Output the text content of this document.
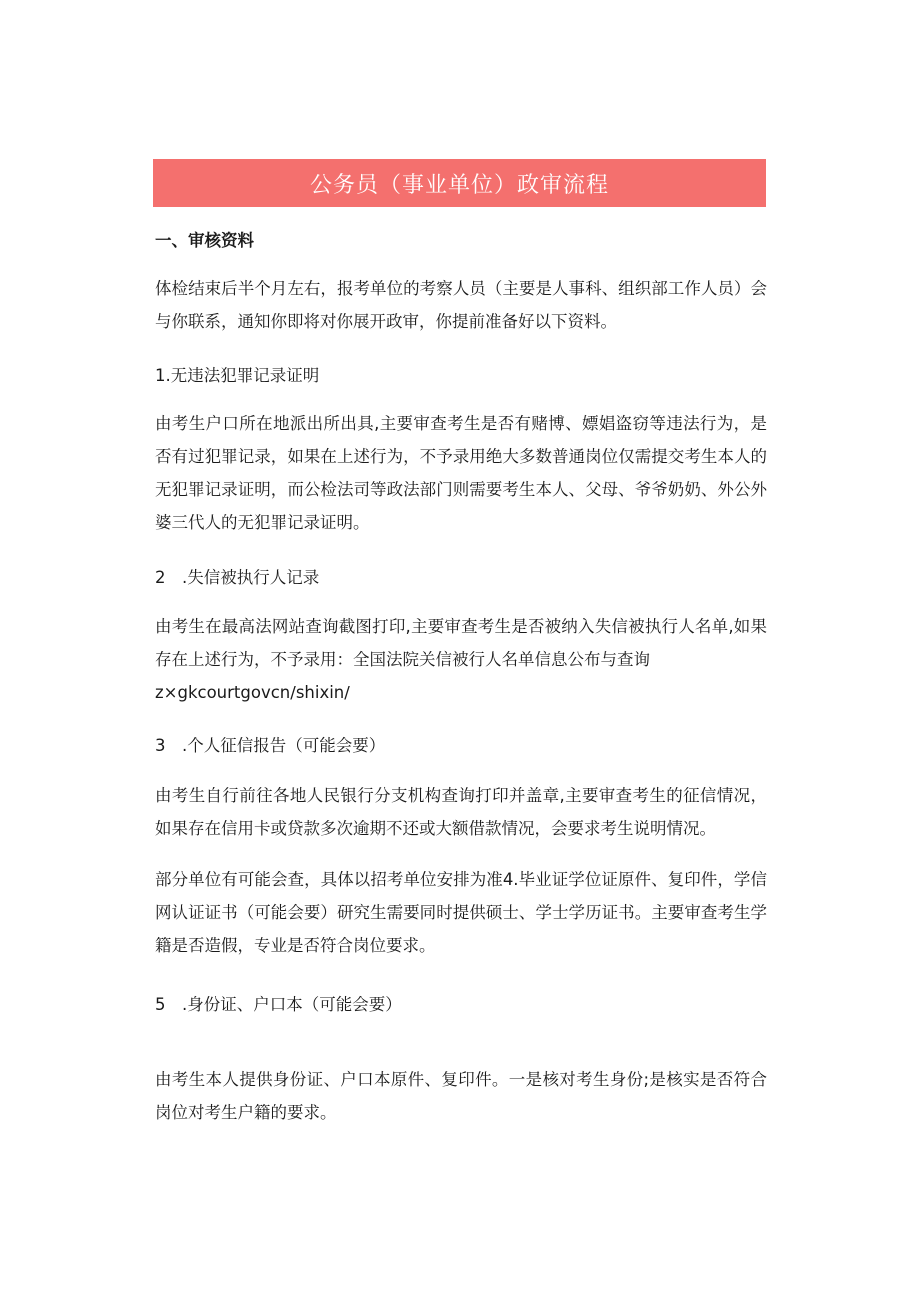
公务员（事业单位）政审流程

一、审核资料

体检结束后半个月左右，报考单位的考察人员（主要是人事科、组织部工作人员）会与你联系，通知你即将对你展开政审，你提前准备好以下资料。

1.无违法犯罪记录证明

由考生户口所在地派出所出具,主要审查考生是否有赌博、嫖娼盗窃等违法行为，是否有过犯罪记录，如果在上述行为，不予录用绝大多数普通岗位仅需提交考生本人的无犯罪记录证明，而公检法司等政法部门则需要考生本人、父母、爷爷奶奶、外公外婆三代人的无犯罪记录证明。

2　.失信被执行人记录

由考生在最高法网站查询截图打印,主要审查考生是否被纳入失信被执行人名单,如果存在上述行为，不予录用：全国法院关信被行人名单信息公布与查询
z×gkcourtgovcn∕shixin∕

3　.个人征信报告（可能会要）

由考生自行前往各地人民银行分支机构查询打印并盖章,主要审查考生的征信情况，如果存在信用卡或贷款多次逾期不还或大额借款情况，会要求考生说明情况。

部分单位有可能会查，具体以招考单位安排为准4.毕业证学位证原件、复印件，学信网认证证书（可能会要）研究生需要同时提供硕士、学士学历证书。主要审查考生学籍是否造假，专业是否符合岗位要求。

5　.身份证、户口本（可能会要）

由考生本人提供身份证、户口本原件、复印件。一是核对考生身份;是核实是否符合岗位对考生户籍的要求。
